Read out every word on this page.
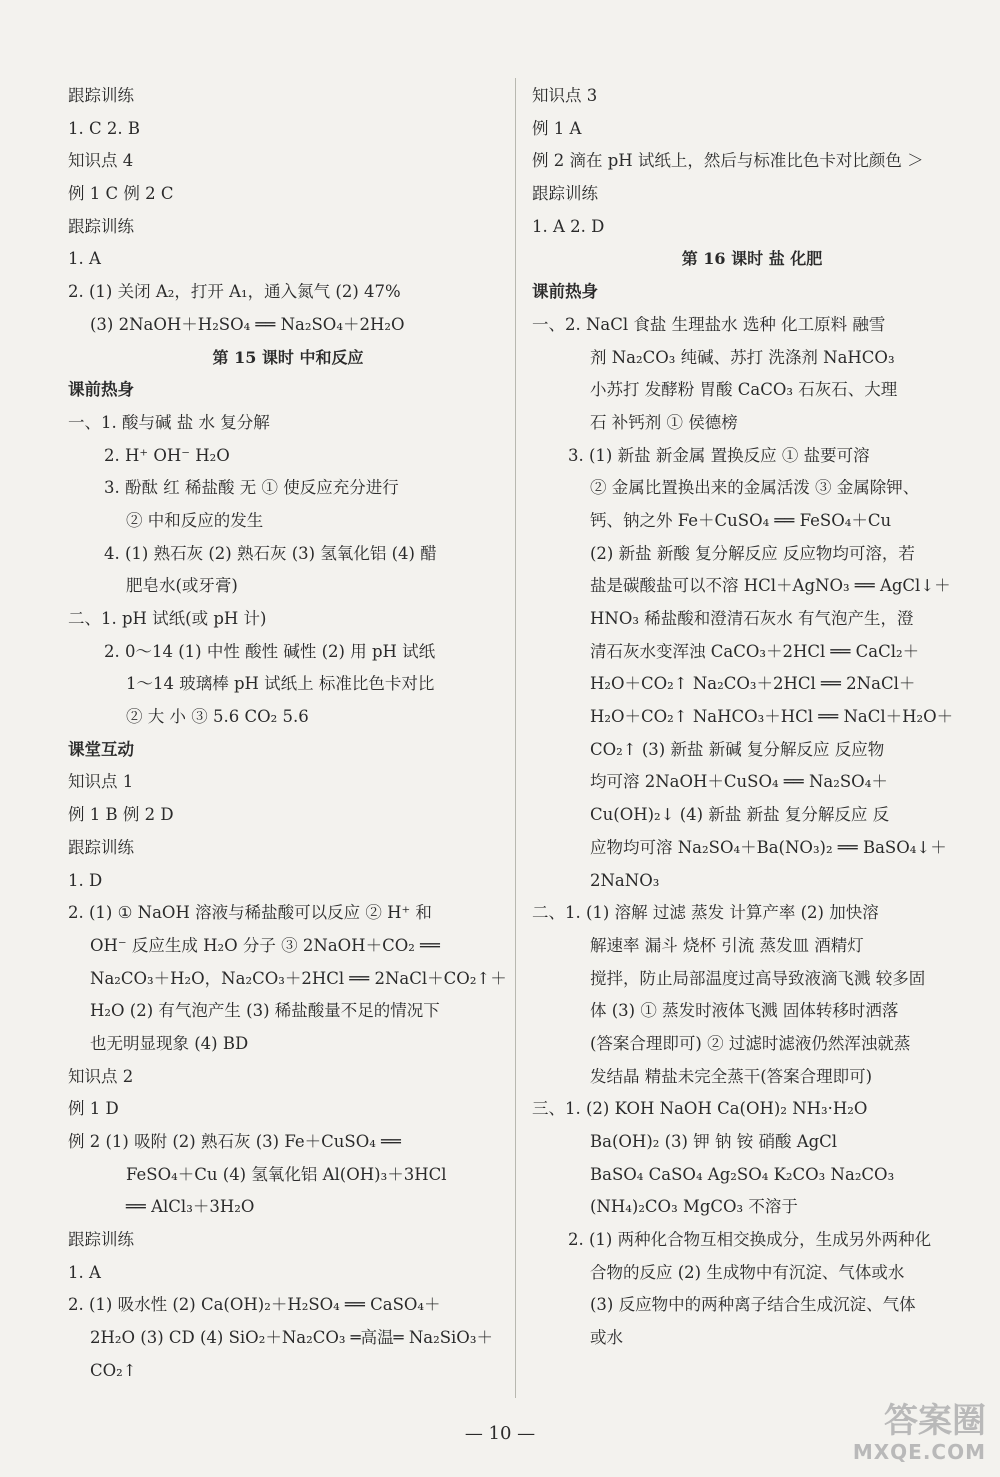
跟踪训练
1. C 2. B
知识点 4
例 1 C 例 2 C
跟踪训练
1. A
2. (1) 关闭 A₂，打开 A₁，通入氮气 (2) 47%
(3) 2NaOH＋H₂SO₄ ══ Na₂SO₄＋2H₂O
第 15 课时 中和反应
课前热身
一、1. 酸与碱 盐 水 复分解
2. H⁺ OH⁻ H₂O
3. 酚酞 红 稀盐酸 无 ① 使反应充分进行
② 中和反应的发生
4. (1) 熟石灰 (2) 熟石灰 (3) 氢氧化铝 (4) 醋
肥皂水(或牙膏)
二、1. pH 试纸(或 pH 计)
2. 0～14 (1) 中性 酸性 碱性 (2) 用 pH 试纸
1～14 玻璃棒 pH 试纸上 标准比色卡对比
② 大 小 ③ 5.6 CO₂ 5.6
课堂互动
知识点 1
例 1 B 例 2 D
跟踪训练
1. D
2. (1) ① NaOH 溶液与稀盐酸可以反应 ② H⁺ 和
OH⁻ 反应生成 H₂O 分子 ③ 2NaOH＋CO₂ ══
Na₂CO₃＋H₂O，Na₂CO₃＋2HCl ══ 2NaCl＋CO₂↑＋
H₂O (2) 有气泡产生 (3) 稀盐酸量不足的情况下
也无明显现象 (4) BD
知识点 2
例 1 D
例 2 (1) 吸附 (2) 熟石灰 (3) Fe＋CuSO₄ ══
FeSO₄＋Cu (4) 氢氧化铝 Al(OH)₃＋3HCl
══ AlCl₃＋3H₂O
跟踪训练
1. A
2. (1) 吸水性 (2) Ca(OH)₂＋H₂SO₄ ══ CaSO₄＋
2H₂O (3) CD (4) SiO₂＋Na₂CO₃ ═高温═ Na₂SiO₃＋
CO₂↑
知识点 3
例 1 A
例 2 滴在 pH 试纸上，然后与标准比色卡对比颜色 ＞
跟踪训练
1. A 2. D
第 16 课时 盐 化肥
课前热身
一、2. NaCl 食盐 生理盐水 选种 化工原料 融雪
剂 Na₂CO₃ 纯碱、苏打 洗涤剂 NaHCO₃
小苏打 发酵粉 胃酸 CaCO₃ 石灰石、大理
石 补钙剂 ① 侯德榜
3. (1) 新盐 新金属 置换反应 ① 盐要可溶
② 金属比置换出来的金属活泼 ③ 金属除钾、
钙、钠之外 Fe＋CuSO₄ ══ FeSO₄＋Cu
(2) 新盐 新酸 复分解反应 反应物均可溶，若
盐是碳酸盐可以不溶 HCl＋AgNO₃ ══ AgCl↓＋
HNO₃ 稀盐酸和澄清石灰水 有气泡产生，澄
清石灰水变浑浊 CaCO₃＋2HCl ══ CaCl₂＋
H₂O＋CO₂↑ Na₂CO₃＋2HCl ══ 2NaCl＋
H₂O＋CO₂↑ NaHCO₃＋HCl ══ NaCl＋H₂O＋
CO₂↑ (3) 新盐 新碱 复分解反应 反应物
均可溶 2NaOH＋CuSO₄ ══ Na₂SO₄＋
Cu(OH)₂↓ (4) 新盐 新盐 复分解反应 反
应物均可溶 Na₂SO₄＋Ba(NO₃)₂ ══ BaSO₄↓＋
2NaNO₃
二、1. (1) 溶解 过滤 蒸发 计算产率 (2) 加快溶
解速率 漏斗 烧杯 引流 蒸发皿 酒精灯
搅拌，防止局部温度过高导致液滴飞溅 较多固
体 (3) ① 蒸发时液体飞溅 固体转移时洒落
(答案合理即可) ② 过滤时滤液仍然浑浊就蒸
发结晶 精盐未完全蒸干(答案合理即可)
三、1. (2) KOH NaOH Ca(OH)₂ NH₃·H₂O
Ba(OH)₂ (3) 钾 钠 铵 硝酸 AgCl
BaSO₄ CaSO₄ Ag₂SO₄ K₂CO₃ Na₂CO₃
(NH₄)₂CO₃ MgCO₃ 不溶于
2. (1) 两种化合物互相交换成分，生成另外两种化
合物的反应 (2) 生成物中有沉淀、气体或水
(3) 反应物中的两种离子结合生成沉淀、气体
或水
— 10 —	答案圈
MXQE.COM
